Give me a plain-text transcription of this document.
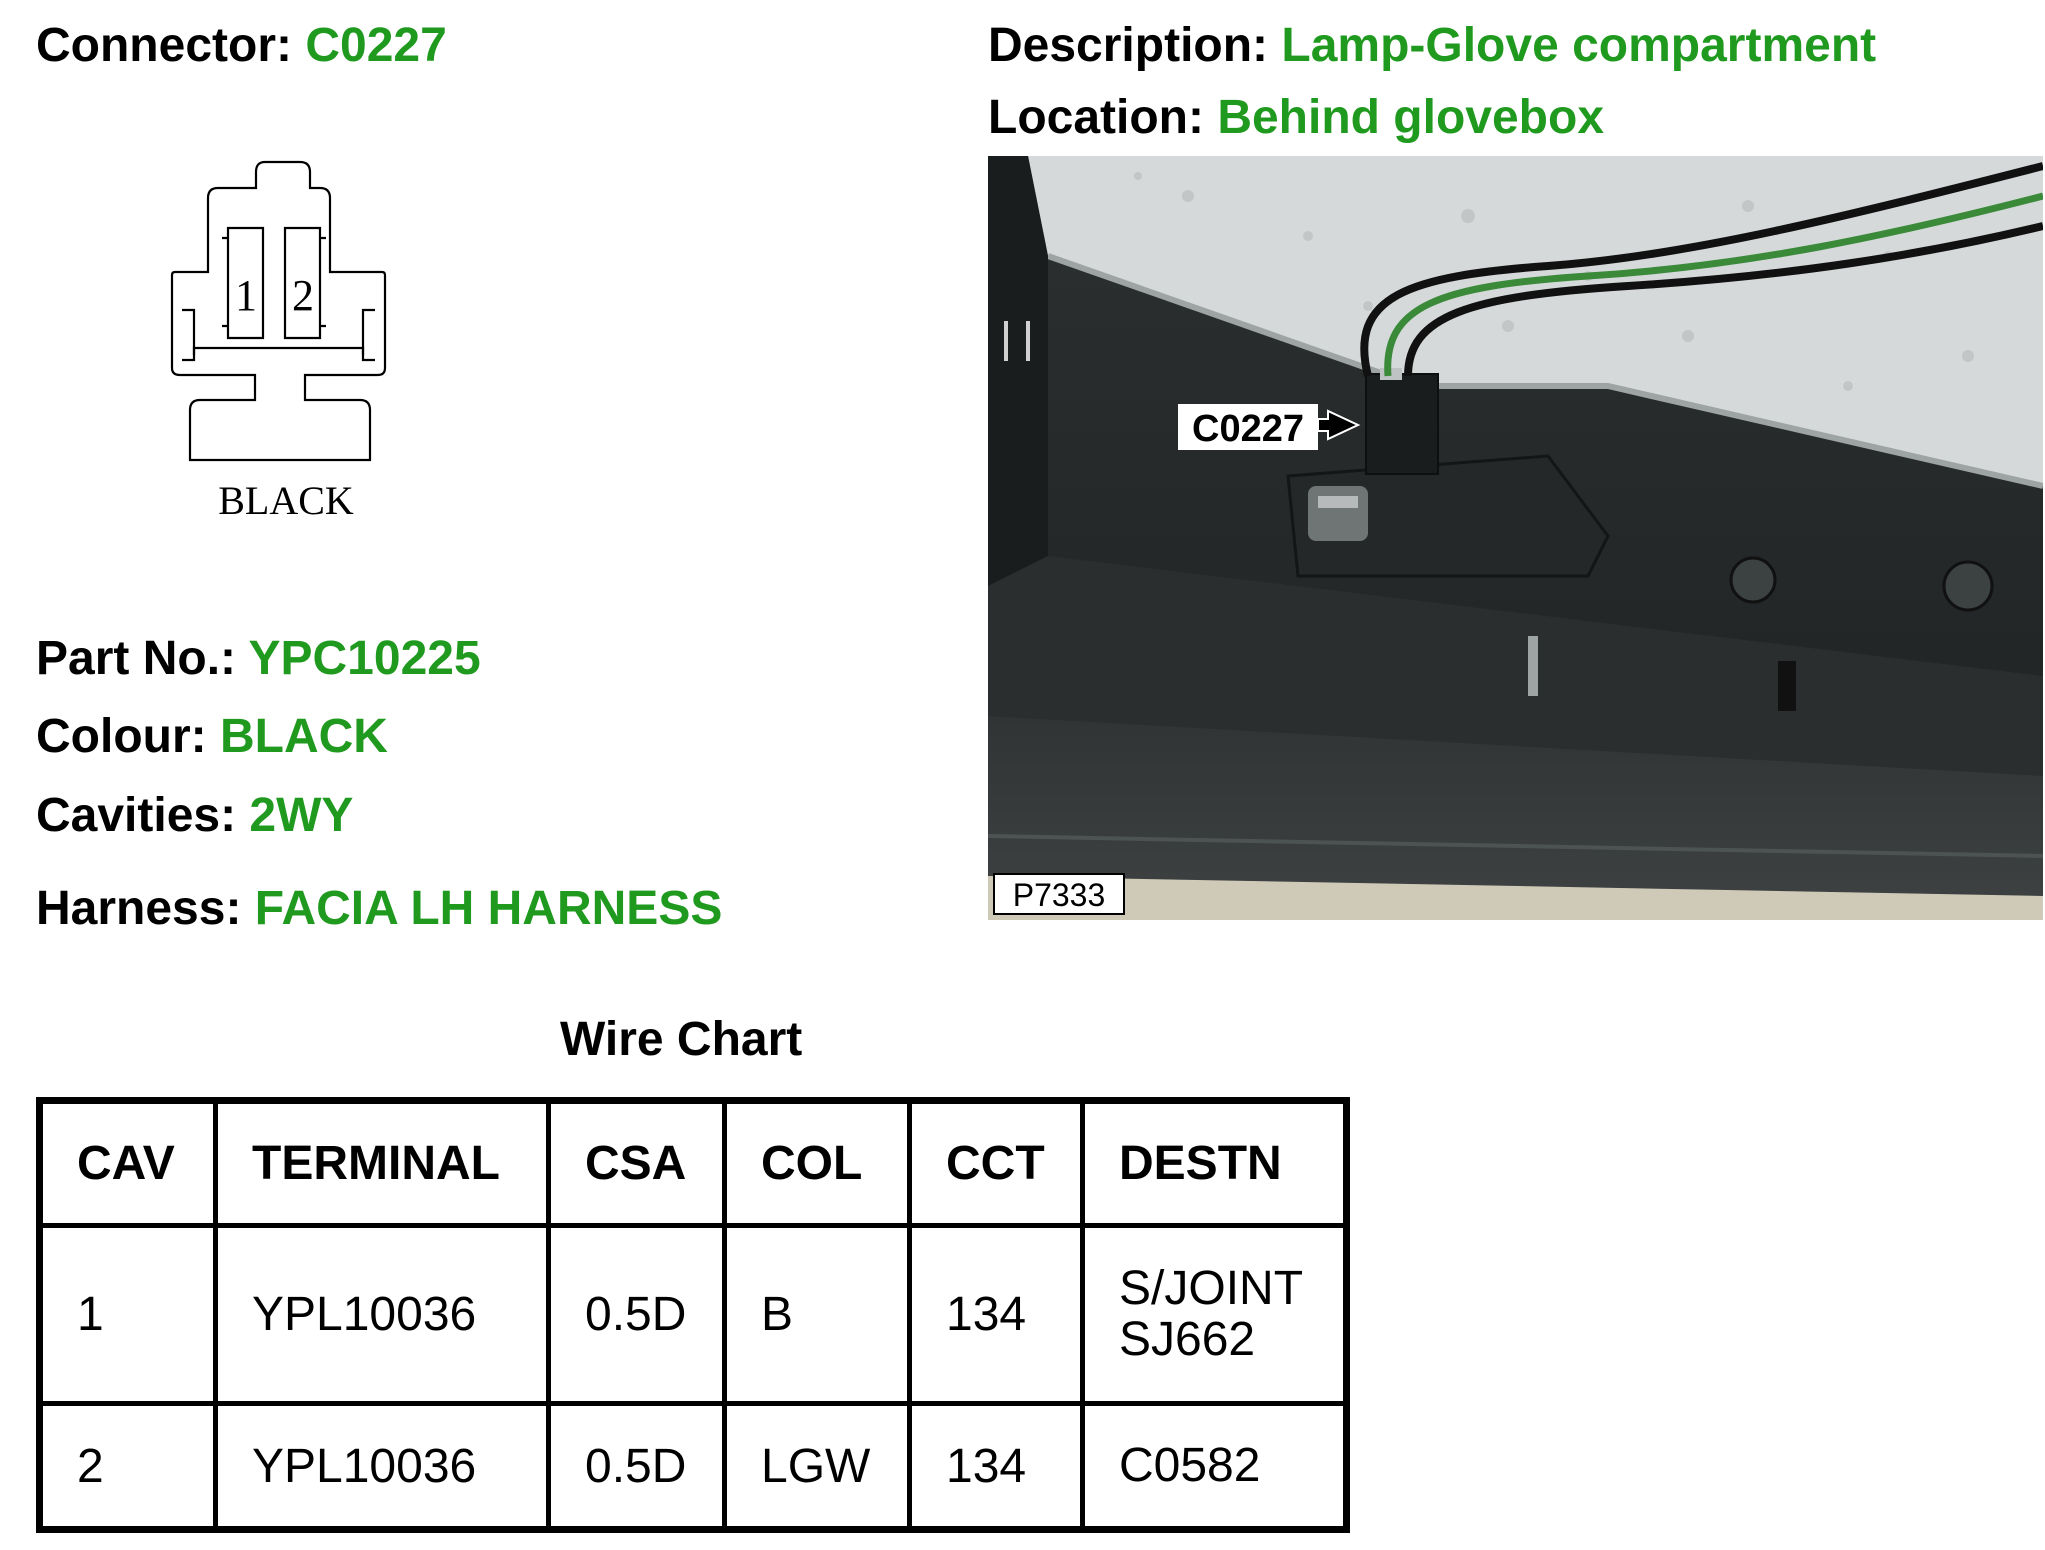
Connector: C0227	Description: Lamp-Glove compartment
Location: Behind glovebox
1 2
BLACK
C0227
P7333
Part No.: YPC10225
Colour: BLACK
Cavities: 2WY
Harness: FACIA LH HARNESS
Wire Chart
CAV	TERMINAL	CSA	COL	CCT	DESTN
1	YPL10036	0.5D	B	134	S/JOINT
SJ662

2	YPL10036	0.5D	LGW	134	C0582
